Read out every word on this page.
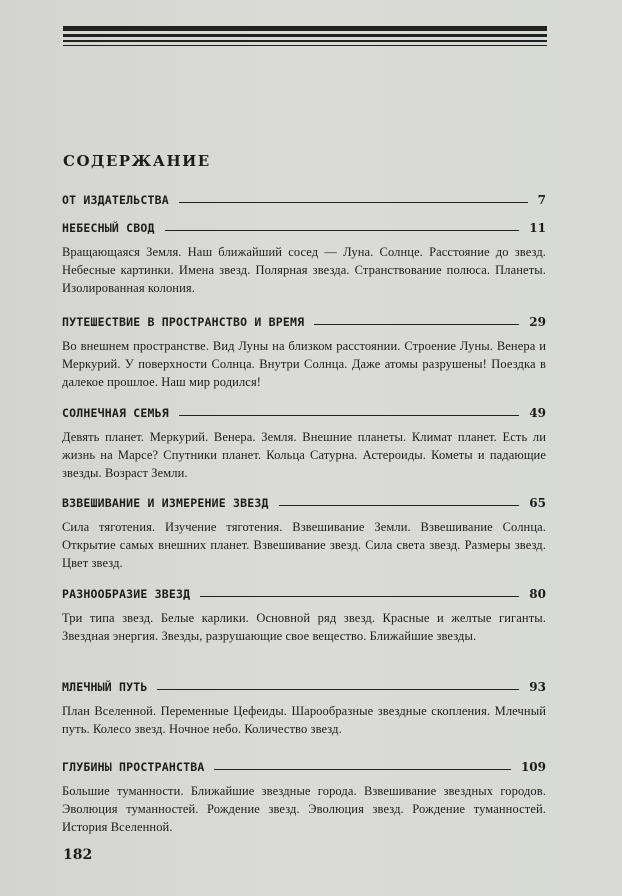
СОДЕРЖАНИЕ
ОТ ИЗДАТЕЛЬСТВА	7
НЕБЕСНЫЙ СВОД	11
Вращающаяся Земля. Наш ближайший сосед — Луна. Солнце. Расстояние до звезд. Небесные картинки. Имена звезд. Полярная звезда. Странствование полюса. Планеты. Изолированная колония.
ПУТЕШЕСТВИЕ В ПРОСТРАНСТВО И ВРЕМЯ	29
Во внешнем пространстве. Вид Луны на близком расстоянии. Строение Луны. Венера и Меркурий. У поверхности Солнца. Внутри Солнца. Даже атомы разрушены! Поездка в далекое прошлое. Наш мир родился!
СОЛНЕЧНАЯ СЕМЬЯ	49
Девять планет. Меркурий. Венера. Земля. Внешние планеты. Климат планет. Есть ли жизнь на Марсе? Спутники планет. Кольца Сатурна. Астероиды. Кометы и падающие звезды. Возраст Земли.
ВЗВЕШИВАНИЕ И ИЗМЕРЕНИЕ ЗВЕЗД	65
Сила тяготения. Изучение тяготения. Взвешивание Земли. Взвешивание Солнца. Открытие самых внешних планет. Взвешивание звезд. Сила света звезд. Размеры звезд. Цвет звезд.
РАЗНООБРАЗИЕ ЗВЕЗД	80
Три типа звезд. Белые карлики. Основной ряд звезд. Красные и желтые гиганты. Звездная энергия. Звезды, разрушающие свое вещество. Ближайшие звезды.
МЛЕЧНЫЙ ПУТЬ	93
План Вселенной. Переменные Цефеиды. Шарообразные звездные скопления. Млечный путь. Колесо звезд. Ночное небо. Количество звезд.
ГЛУБИНЫ ПРОСТРАНСТВА	109
Большие туманности. Ближайшие звездные города. Взвешивание звездных городов. Эволюция туманностей. Рождение звезд. Эволюция звезд. Рождение туманностей. История Вселенной.
182
